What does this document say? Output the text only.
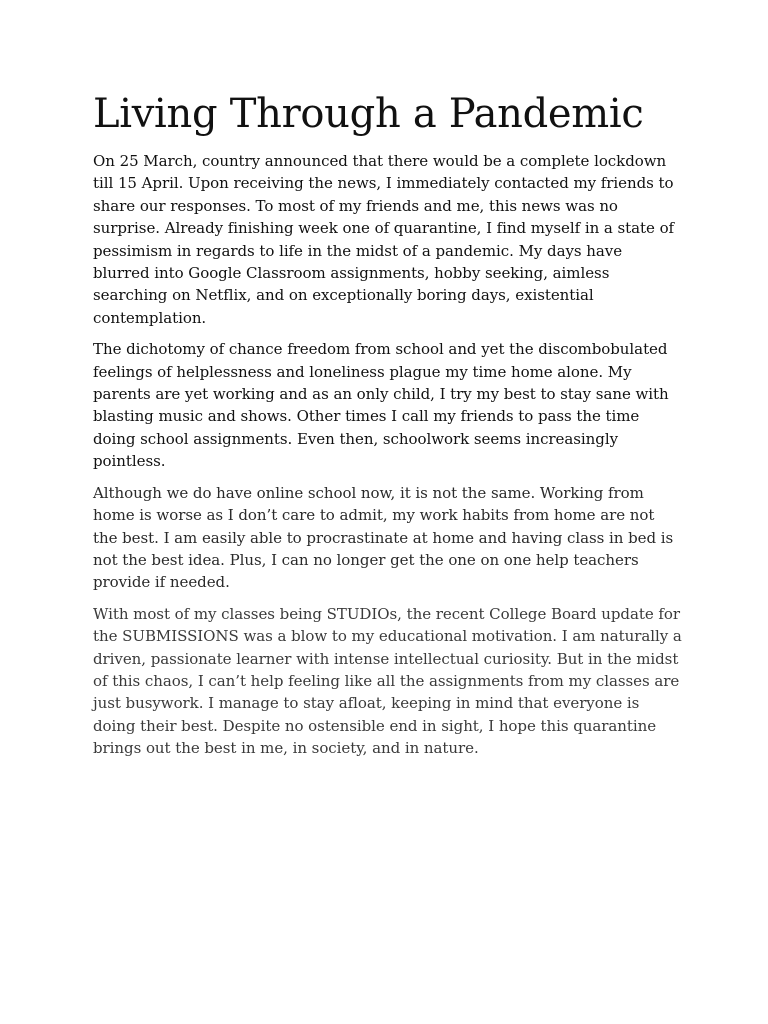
Living Through a Pandemic

On 25 March, country announced that there would be a complete lockdown till 15 April. Upon receiving the news, I immediately contacted my friends to share our responses. To most of my friends and me, this news was no surprise. Already finishing week one of quarantine, I find myself in a state of pessimism in regards to life in the midst of a pandemic. My days have blurred into Google Classroom assignments, hobby seeking, aimless searching on Netflix, and on exceptionally boring days, existential contemplation.

The dichotomy of chance freedom from school and yet the discombobulated feelings of helplessness and loneliness plague my time home alone. My parents are yet working and as an only child, I try my best to stay sane with blasting music and shows. Other times I call my friends to pass the time doing school assignments. Even then, schoolwork seems increasingly pointless.

Although we do have online school now, it is not the same. Working from home is worse as I don’t care to admit, my work habits from home are not the best. I am easily able to procrastinate at home and having class in bed is not the best idea. Plus, I can no longer get the one on one help teachers provide if needed.

With most of my classes being STUDIOs, the recent College Board update for the SUBMISSIONS was a blow to my educational motivation. I am naturally a driven, passionate learner with intense intellectual curiosity. But in the midst of this chaos, I can’t help feeling like all the assignments from my classes are just busywork. I manage to stay afloat, keeping in mind that everyone is doing their best. Despite no ostensible end in sight, I hope this quarantine brings out the best in me, in society, and in nature.
